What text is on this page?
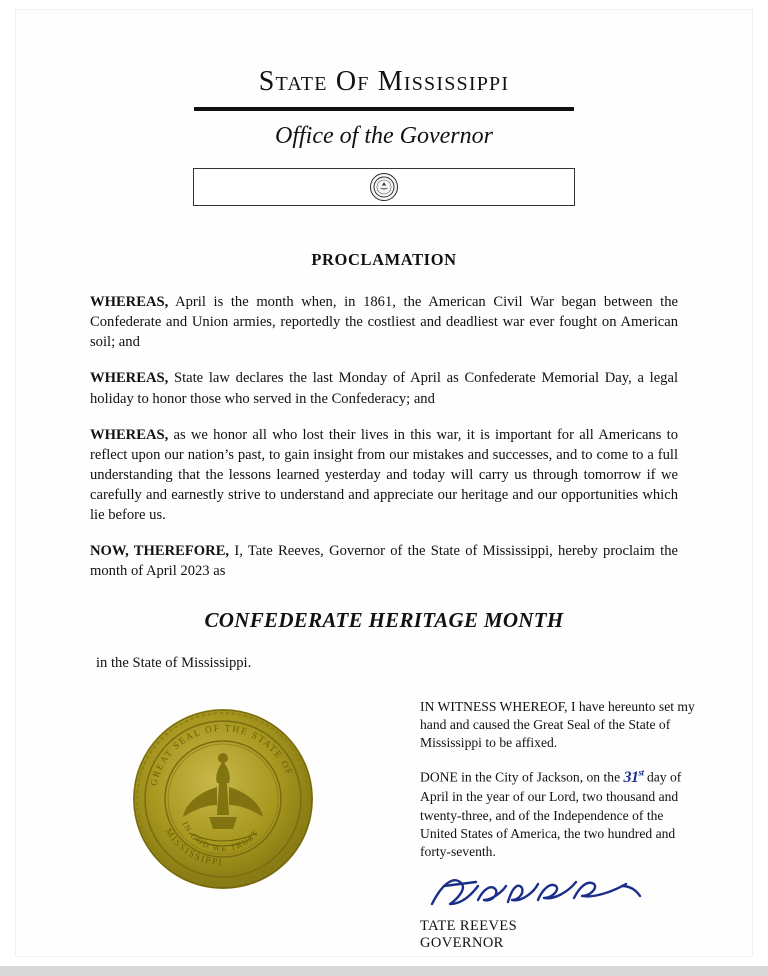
State Of Mississippi
Office of the Governor
PROCLAMATION

WHEREAS, April is the month when, in 1861, the American Civil War began between the Confederate and Union armies, reportedly the costliest and deadliest war ever fought on American soil; and

WHEREAS, State law declares the last Monday of April as Confederate Memorial Day, a legal holiday to honor those who served in the Confederacy; and

WHEREAS, as we honor all who lost their lives in this war, it is important for all Americans to reflect upon our nation’s past, to gain insight from our mistakes and successes, and to come to a full understanding that the lessons learned yesterday and today will carry us through tomorrow if we carefully and earnestly strive to understand and appreciate our heritage and our opportunities which lie before us.

NOW, THEREFORE, I, Tate Reeves, Governor of the State of Mississippi, hereby proclaim the month of April 2023 as

CONFEDERATE HERITAGE MONTH
in the State of Mississippi.
GREAT SEAL OF THE STATE OF
MISSISSIPPI
IN GOD WE TRUST

IN WITNESS WHEREOF, I have hereunto set my hand and caused the Great Seal of the State of Mississippi to be affixed.

DONE in the City of Jackson, on the 31st day of April in the year of our Lord, two thousand and twenty-three, and of the Independence of the United States of America, the two hundred and forty-seventh.

TATE REEVES
GOVERNOR
· · ·
